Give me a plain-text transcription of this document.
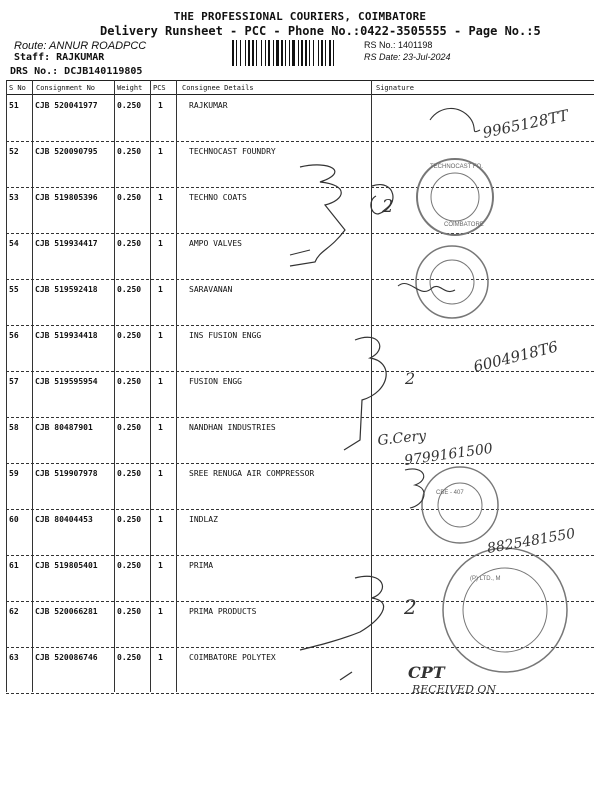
THE PROFESSIONAL COURIERS, COIMBATORE
Delivery Runsheet - PCC - Phone No.:0422-3505555 - Page No.:5
Route: ANNUR ROADPCC
Staff: RAJKUMAR
DRS No.: DCJB140119805
RS No.: 1401198
RS Date: 23-Jul-2024
S No Consignment No	Weight PCS Consignee Details	Signature
51 CJB 520041977 0.250 1	RAJKUMAR
52 CJB 520090795 0.250 1	TECHNOCAST FOUNDRY
53 CJB 519805396 0.250 1	TECHNO COATS
54 CJB 519934417 0.250 1	AMPO VALVES
55 CJB 519592418 0.250 1	SARAVANAN
56 CJB 519934418 0.250 1	INS FUSION ENGG
57 CJB 519595954 0.250 1	FUSION ENGG
58 CJB 80487901	0.250 1	NANDHAN INDUSTRIES
59 CJB 519907978 0.250 1	SREE RENUGA AIR COMPRESSOR
60 CJB 80404453	0.250 1	INDLAZ
61 CJB 519805401 0.250 1	PRIMA
62 CJB 520066281 0.250 1	PRIMA PRODUCTS
63 CJB 520086746 0.250 1	COIMBATORE POLYTEX
TECHNOCAST FO.
COIMBATORE
CBE - 407
(P) LTD., M
9965128TT
6004918T6
G.Cery
9799161500
8825481550
2
2
2
CPT
RECEIVED ON
